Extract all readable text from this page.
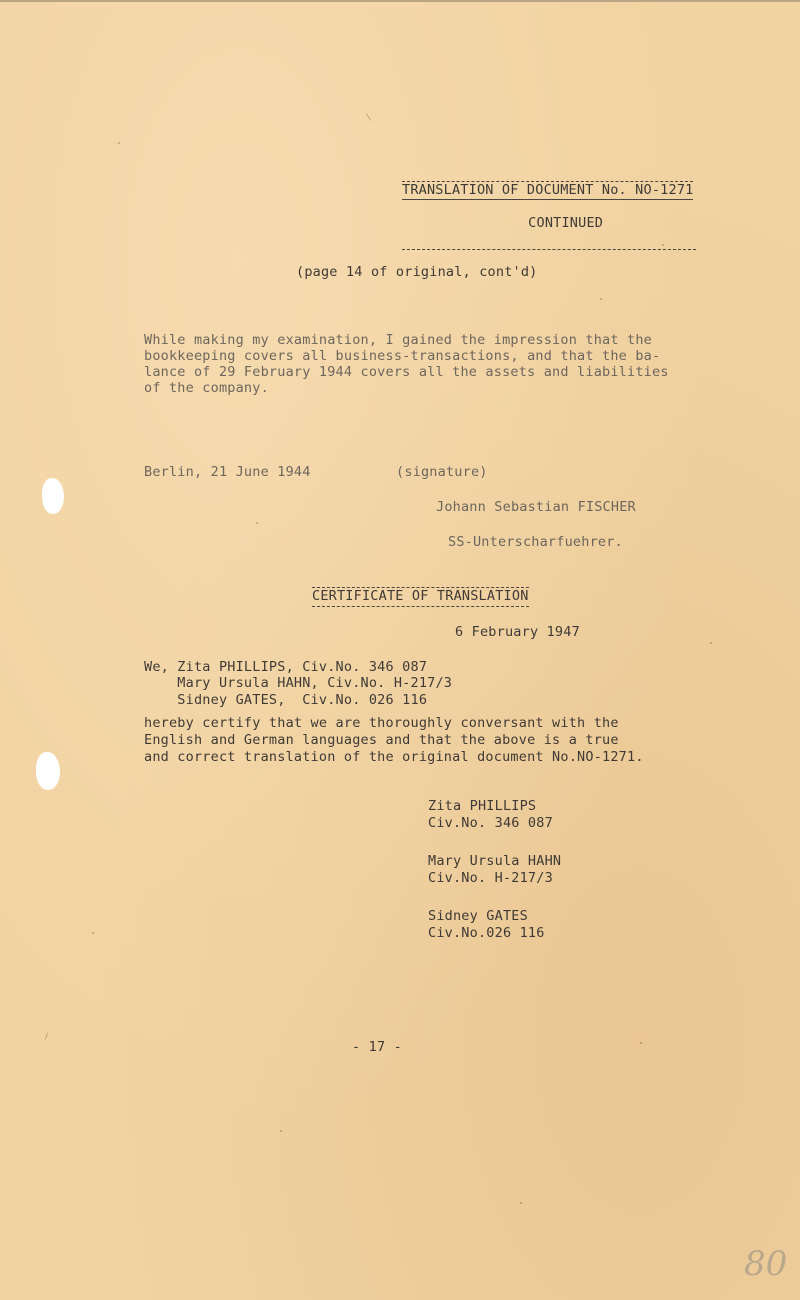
TRANSLATION OF DOCUMENT No. NO-1271

CONTINUED

(page 14 of original, cont'd)
While making my examination, I gained the impression that the
bookkeeping covers all business-transactions, and that the ba-
lance of 29 February 1944 covers all the assets and liabilities
of the company.
Berlin, 21 June 1944	(signature)
Johann Sebastian FISCHER
SS-Unterscharfuehrer.
CERTIFICATE OF TRANSLATION
6 February 1947
We, Zita PHILLIPS, Civ.No. 346 087
Mary Ursula HAHN, Civ.No. H-217/3
Sidney GATES,  Civ.No. 026 116
hereby certify that we are thoroughly conversant with the
English and German languages and that the above is a true
and correct translation of the original document No.NO-1271.
Zita PHILLIPS
Civ.No. 346 087
Mary Ursula HAHN
Civ.No. H-217/3
Sidney GATES
Civ.No.026 116
- 17 -
80
